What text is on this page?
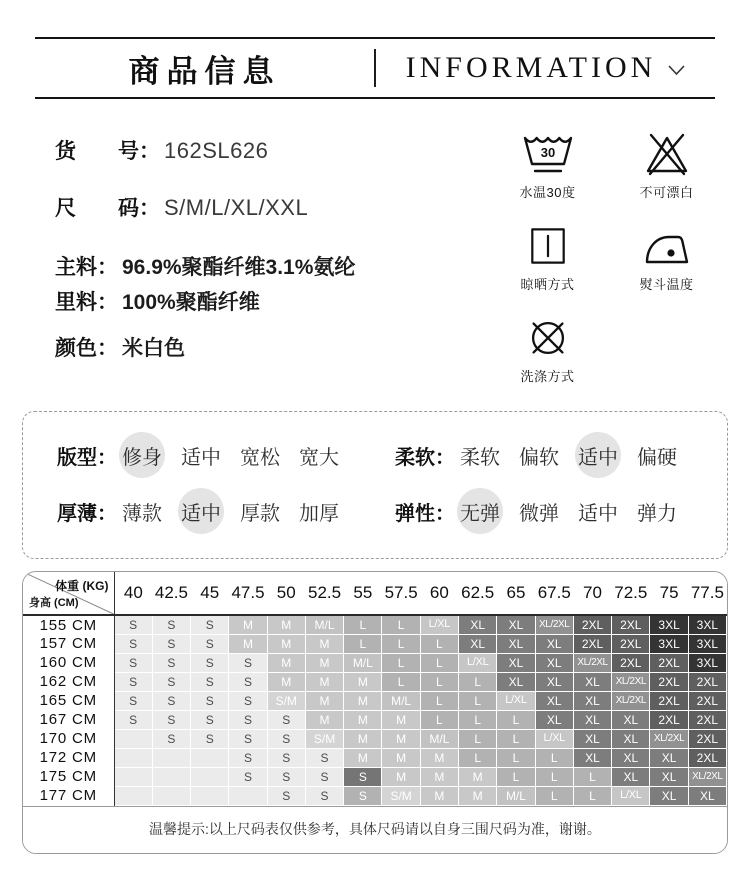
商品信息	INFORMATION
货　　号： 162SL626
尺　　码： S/M/L/XL/XXL
主料： 96.9%聚酯纤维3.1%氨纶
里料： 100%聚酯纤维
颜色： 米白色
30
水温30度	不可漂白
晾晒方式	熨斗温度
洗涤方式
版型： 修身 适中 宽松 宽大	柔软： 柔软 偏软 适中 偏硬
厚薄： 薄款 适中 厚款 加厚	弹性： 无弹 微弹 适中 弹力
体重 (KG)
身高 (CM)	40	42.5	45	47.5	50	52.5	55	57.5	60	62.5	65	67.5	70	72.5	75	77.5
155 CM	S	S	S	M	M	M/L	L	L	L/XL	XL	XL	XL/2XL	2XL	2XL	3XL	3XL
157 CM	S	S	S	M	M	M	L	L	L	XL	XL	XL	2XL	2XL	3XL	3XL
160 CM	S	S	S	S	M	M	M/L	L	L	L/XL	XL	XL	XL/2XL	2XL	2XL	3XL
162 CM	S	S	S	S	M	M	M	L	L	L	XL	XL	XL	XL/2XL	2XL	2XL
165 CM	S	S	S	S	S/M	M	M	M/L	L	L	L/XL	XL	XL	XL/2XL	2XL	2XL
167 CM	S	S	S	S	S	M	M	M	L	L	L	XL	XL	XL	2XL	2XL
170 CM		S	S	S	S	S/M	M	M	M/L	L	L	L/XL	XL	XL	XL/2XL	2XL
172 CM				S	S	S	M	M	M	L	L	L	XL	XL	XL	2XL
175 CM				S	S	S	S	M	M	M	L	L	L	XL	XL	XL/2XL
177 CM					S	S	S	S/M	M	M	M/L	L	L	L/XL	XL	XL
温馨提示:以上尺码表仅供参考，具体尺码请以自身三围尺码为准，谢谢。
